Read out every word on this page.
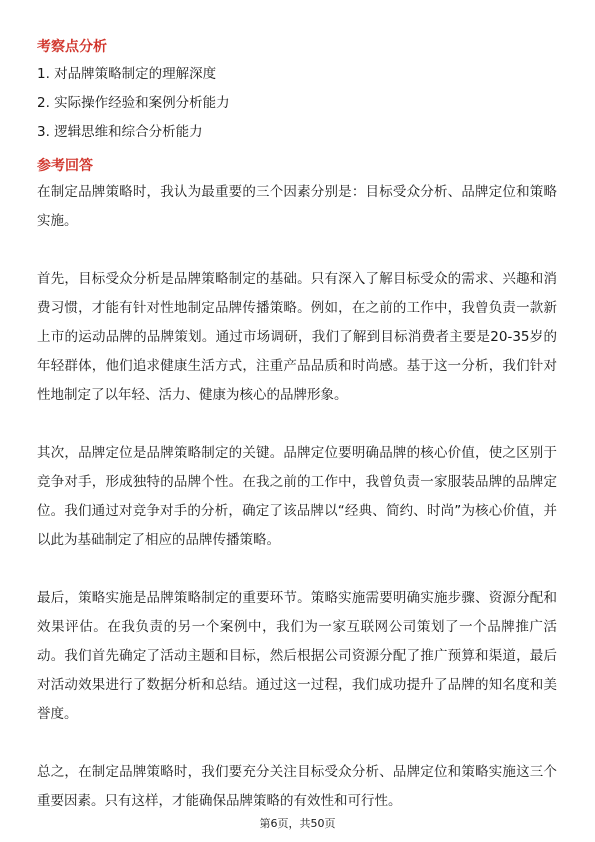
考察点分析

1. 对品牌策略制定的理解深度

2. 实际操作经验和案例分析能力

3. 逻辑思维和综合分析能力

参考回答

在制定品牌策略时，我认为最重要的三个因素分别是：目标受众分析、品牌定位和策略实施。

首先，目标受众分析是品牌策略制定的基础。只有深入了解目标受众的需求、兴趣和消费习惯，才能有针对性地制定品牌传播策略。例如，在之前的工作中，我曾负责一款新上市的运动品牌的品牌策划。通过市场调研，我们了解到目标消费者主要是20-35岁的年轻群体，他们追求健康生活方式，注重产品品质和时尚感。基于这一分析，我们针对性地制定了以年轻、活力、健康为核心的品牌形象。

其次，品牌定位是品牌策略制定的关键。品牌定位要明确品牌的核心价值，使之区别于竞争对手，形成独特的品牌个性。在我之前的工作中，我曾负责一家服装品牌的品牌定位。我们通过对竞争对手的分析，确定了该品牌以“经典、简约、时尚”为核心价值，并以此为基础制定了相应的品牌传播策略。

最后，策略实施是品牌策略制定的重要环节。策略实施需要明确实施步骤、资源分配和效果评估。在我负责的另一个案例中，我们为一家互联网公司策划了一个品牌推广活动。我们首先确定了活动主题和目标，然后根据公司资源分配了推广预算和渠道，最后对活动效果进行了数据分析和总结。通过这一过程，我们成功提升了品牌的知名度和美誉度。

总之，在制定品牌策略时，我们要充分关注目标受众分析、品牌定位和策略实施这三个重要因素。只有这样，才能确保品牌策略的有效性和可行性。

第6页，共50页
